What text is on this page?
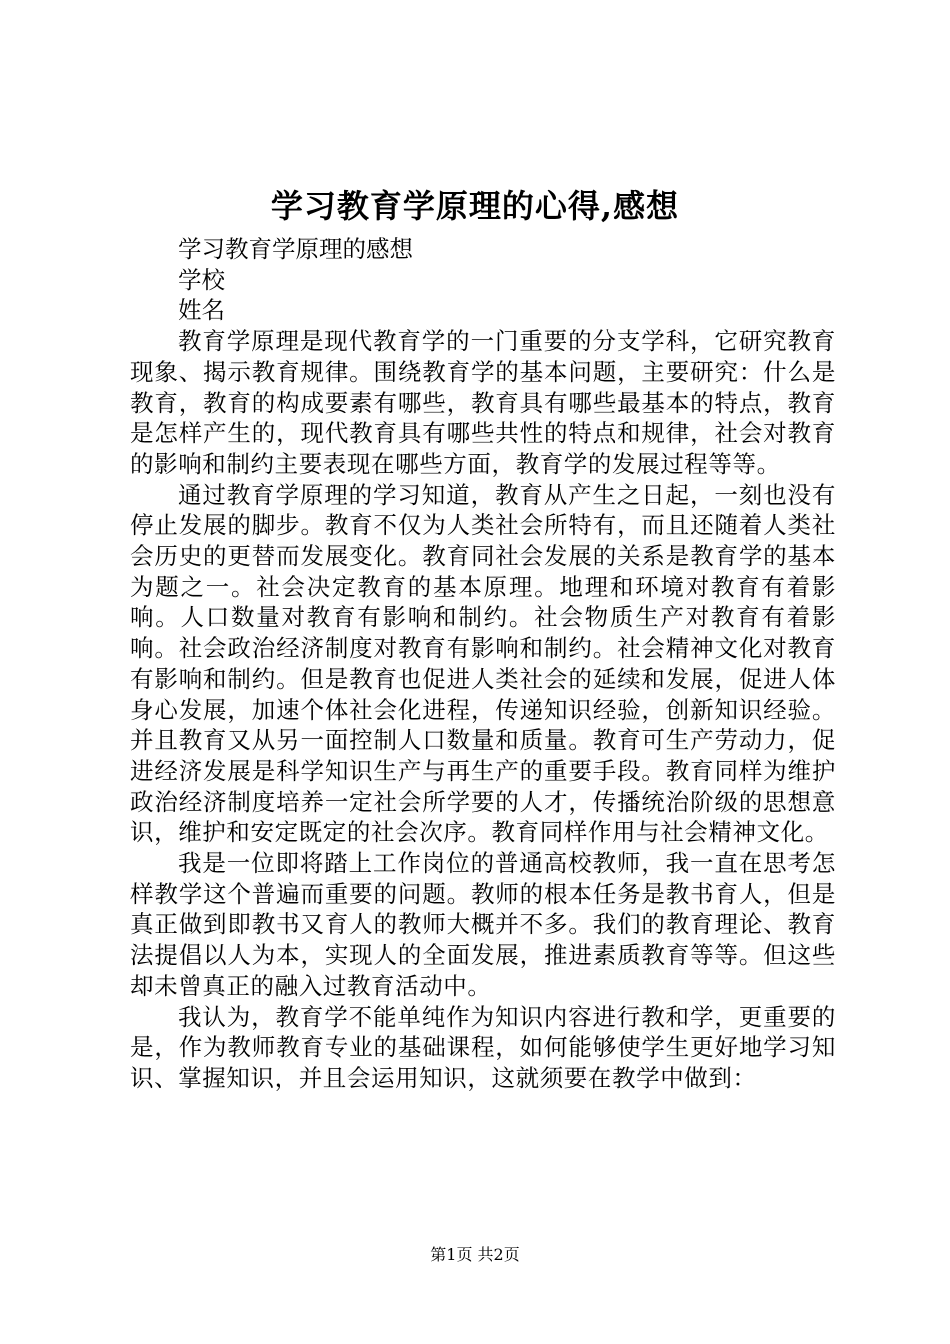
学习教育学原理的心得,感想

学习教育学原理的感想

学校

姓名

教育学原理是现代教育学的一门重要的分支学科，它研究教育现象、揭示教育规律。围绕教育学的基本问题，主要研究：什么是教育，教育的构成要素有哪些，教育具有哪些最基本的特点，教育是怎样产生的，现代教育具有哪些共性的特点和规律，社会对教育的影响和制约主要表现在哪些方面，教育学的发展过程等等。

通过教育学原理的学习知道，教育从产生之日起，一刻也没有停止发展的脚步。教育不仅为人类社会所特有，而且还随着人类社会历史的更替而发展变化。教育同社会发展的关系是教育学的基本为题之一。社会决定教育的基本原理。地理和环境对教育有着影响。人口数量对教育有影响和制约。社会物质生产对教育有着影响。社会政治经济制度对教育有影响和制约。社会精神文化对教育有影响和制约。但是教育也促进人类社会的延续和发展，促进人体身心发展，加速个体社会化进程，传递知识经验，创新知识经验。并且教育又从另一面控制人口数量和质量。教育可生产劳动力，促进经济发展是科学知识生产与再生产的重要手段。教育同样为维护政治经济制度培养一定社会所学要的人才，传播统治阶级的思想意识，维护和安定既定的社会次序。教育同样作用与社会精神文化。

我是一位即将踏上工作岗位的普通高校教师，我一直在思考怎样教学这个普遍而重要的问题。教师的根本任务是教书育人，但是真正做到即教书又育人的教师大概并不多。我们的教育理论、教育法提倡以人为本，实现人的全面发展，推进素质教育等等。但这些却未曾真正的融入过教育活动中。

我认为，教育学不能单纯作为知识内容进行教和学，更重要的是，作为教师教育专业的基础课程，如何能够使学生更好地学习知识、掌握知识，并且会运用知识，这就须要在教学中做到：

第1页 共2页
